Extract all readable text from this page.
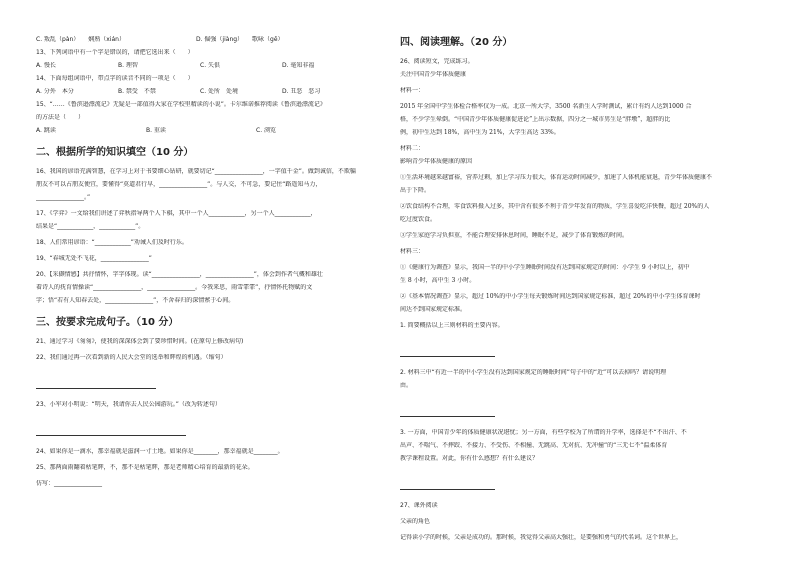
C. 叛乱（pàn）　　娴熟（xián）	D. 倔强（jiàng）　　歌咏（gē）
13、下列词语中有一个字是错误的，请把它选出来（　　）
A. 慢长	B. 理智	C. 失俱	D. 毫知非福
14、下面每组词语中，带点字的读音不同的一项是（　　）
A. 分外　本分	B. 禁受　不禁	C. 处所　处境	D. 丑恶　恶习
15、“……《鲁滨逊漂流记》无疑是一部值得大家在学校里精读的小说”。卡尔维诺推荐阅读《鲁滨逊漂流记》
的方法是（　　）
A. 跳读	B. 重读	C. 浏览
二、根据所学的知识填空（10 分）
16、我国的谚语充满智慧，在学习上对于书要细心钻研，就要切记“________________，一字值千金”。做到诚信，不欺骗
朋友不可以占朋友便宜，要懂得“莫道君行早，________________”。与人交，不可急，要记住“路遥知马力，
________________。”
17、《学弈》一文给我们讲述了弈秋指导两个人下棋，其中一个人____________，另一个人____________，
结果是“____________，____________”。
18、人们常用谚语：“____________”劝诫人们及时行乐。
19、“春城无处不飞花，________________”
20、【采撷情感】共抒情怀，字字体现。读“________________，________________”，体会到作者气概和雄壮
着诗人的抚育情操读“________________，________________。今我来思，雨雪霏霏”，抒情怀托物赋的文
字；悟“若有人知春去处，________________”，不舍春归的深情萦于心间。
三、按要求完成句子。（10 分）
21、通过学习《匆匆》，使我的深深体会到了要珍惜时间。(在原句上修改病句)
22、我们通过再一次看到新的人民大会堂的选举和辉煌的机遇。（缩句）
23、小军对小明说：“明天，我请你去人民公园游玩。”（改为转述句）
24、如果你是一滴水，那幸福就是滋润一寸土地。如果你是________，那幸福就是________。
25、那两面雨翻着枯笔辉，不，那不是枯笔辉，那是老师精心培育的最新的花朵。
仿写：________________
四、阅读理解。（20 分）
26、阅读短文，完成练习。
关注中国青少年体质健康
材料一：
2015 年全国中学生体检合格率仅为一成。北京一所大学，3500 名新生入学时测试，累计有约人达到1000 合
格，不少学生晕倒。“中国青少年体质健康促进论”上出示数据，四分之一城市男生是“胖墩”，超胖的比
例，初中生达到 18%，高中生为 21%，大学生高达 33%。
材料二：
影响青少年体质健康的原因
①生活环境越来越富裕，营养过剩，加上学习压力很大，体育运动时间减少，加速了人体机能衰退，青少年体质健康不
出于下降。
②饮食结构不合理，零食饮料摄入过多，其中含有很多不利于青少年发育的物质，学生喜爱吃洋快餐，超过 20%的人
吃过度饮食。
③学生家庭学习负担重，不能合理安排休息时间，睡眠不足，减少了体育锻炼的时间。
材料三：
①《健康行为调查》显示，我国一半的中小学生睡眠时间没有达到国家规定的时间：小学生 9 小时以上，初中
生 8 小时，高中生 3 小时。
②《基本情况调查》显示，超过 10%的中小学生每天锻炼时间达到国家规定标准，超过 20%的中小学生体育课时
间达不到国家规定标准。
1. 简要概括以上三则材料的主要内容。
2. 材料三中“有近一半的中小学生没有达到国家规定的睡眠时间”句子中的“近”可以去掉吗？请说明理
由。
3. 一方面，中国青少年的体质健康状况堪忧；另一方面，有些学校为了所谓的升学率，选择是不“不出汗、不
出声、不喘气、不摔跤、不接力、不受伤、不相撞、无跳高、无对抗、无冲撞”的“三无七不”温柔体育
教学课程设置。对此，你有什么感想？有什么建议？
27、课外阅读
父亲的角色
记得读小学的时候，父亲是成功的。那时候，我觉得父亲高大强壮，是要强和勇气的代名词。这个世界上，
